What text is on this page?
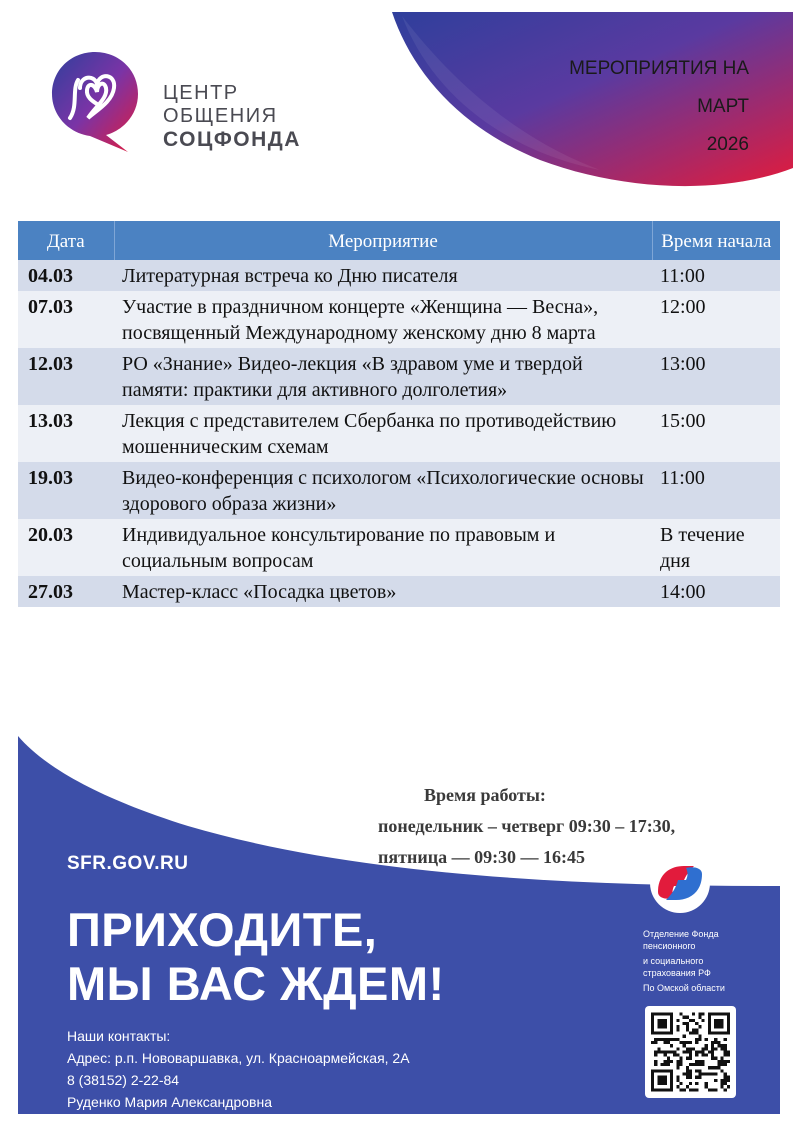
ЦЕНТР
ОБЩЕНИЯ
СОЦФОНДА
МЕРОПРИЯТИЯ НА
МАРТ
2026
Дата	Мероприятие	Время начала
04.03	Литературная встреча ко Дню писателя	11:00
07.03	Участие в праздничном концерте «Женщина — Весна», посвященный Международному женскому дню 8 марта	12:00
12.03	РО «Знание» Видео-лекция «В здравом уме и твердой памяти: практики для активного долголетия»	13:00
13.03	Лекция с представителем Сбербанка по противодействию мошенническим схемам	15:00
19.03	Видео-конференция с психологом «Психологические основы здорового образа жизни»	11:00
20.03	Индивидуальное консультирование по правовым и социальным вопросам	В течение дня
27.03	Мастер-класс «Посадка цветов»	14:00
Время работы:
понедельник – четверг 09:30 – 17:30,
пятница — 09:30 — 16:45
SFR.GOV.RU
ПРИХОДИТЕ,
МЫ ВАС ЖДЕМ!
Наши контакты:
Адрес: р.п. Нововаршавка, ул. Красноармейская, 2А
8 (38152) 2-22-84
Руденко Мария Александровна
Отделение Фонда
пенсионного
и социального
страхования РФ
По Омской области
